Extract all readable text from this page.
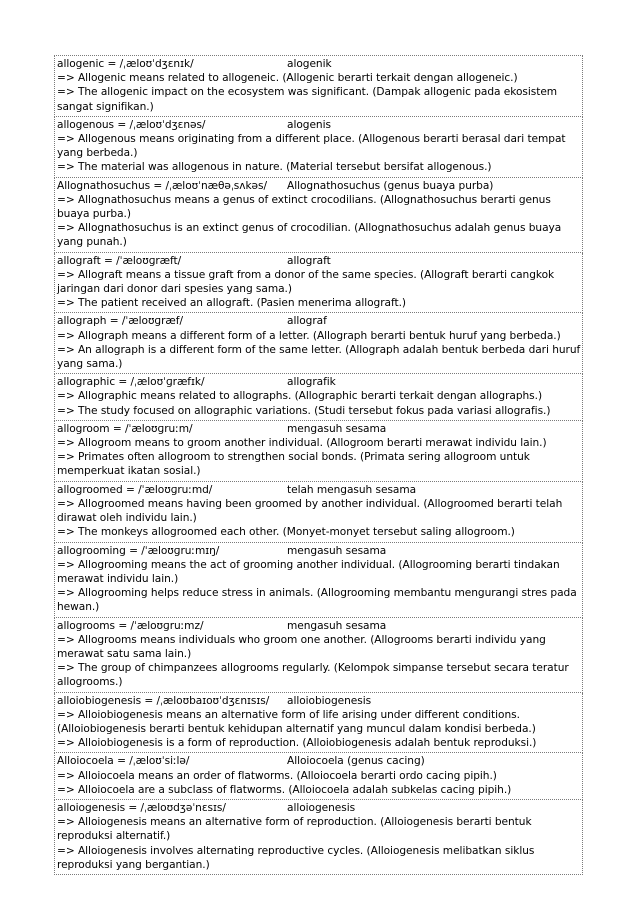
allogenic = /ˌæloʊˈdʒɛnɪk/	alogenik
=> Allogenic means related to allogeneic. (Allogenic berarti terkait dengan allogeneic.)
=> The allogenic impact on the ecosystem was significant. (Dampak allogenic pada ekosistem sangat signifikan.)
allogenous = /ˌæloʊˈdʒɛnəs/	alogenis
=> Allogenous means originating from a different place. (Allogenous berarti berasal dari tempat yang berbeda.)
=> The material was allogenous in nature. (Material tersebut bersifat allogenous.)
Allognathosuchus = /ˌæloʊˈnæθəˌsʌkəs/	Allognathosuchus (genus buaya purba)
=> Allognathosuchus means a genus of extinct crocodilians. (Allognathosuchus berarti genus buaya purba.)
=> Allognathosuchus is an extinct genus of crocodilian. (Allognathosuchus adalah genus buaya yang punah.)
allograft = /ˈæloʊɡræft/	allograft
=> Allograft means a tissue graft from a donor of the same species. (Allograft berarti cangkok jaringan dari donor dari spesies yang sama.)
=> The patient received an allograft. (Pasien menerima allograft.)
allograph = /ˈæloʊɡræf/	allograf
=> Allograph means a different form of a letter. (Allograph berarti bentuk huruf yang berbeda.)
=> An allograph is a different form of the same letter. (Allograph adalah bentuk berbeda dari huruf yang sama.)
allographic = /ˌæloʊˈɡræfɪk/	allografik
=> Allographic means related to allographs. (Allographic berarti terkait dengan allographs.)
=> The study focused on allographic variations. (Studi tersebut fokus pada variasi allografis.)
allogroom = /ˈæloʊɡruːm/	mengasuh sesama
=> Allogroom means to groom another individual. (Allogroom berarti merawat individu lain.)
=> Primates often allogroom to strengthen social bonds. (Primata sering allogroom untuk memperkuat ikatan sosial.)
allogroomed = /ˈæloʊɡruːmd/	telah mengasuh sesama
=> Allogroomed means having been groomed by another individual. (Allogroomed berarti telah dirawat oleh individu lain.)
=> The monkeys allogroomed each other. (Monyet-monyet tersebut saling allogroom.)
allogrooming = /ˈæloʊɡruːmɪŋ/	mengasuh sesama
=> Allogrooming means the act of grooming another individual. (Allogrooming berarti tindakan merawat individu lain.)
=> Allogrooming helps reduce stress in animals. (Allogrooming membantu mengurangi stres pada hewan.)
allogrooms = /ˈæloʊɡruːmz/	mengasuh sesama
=> Allogrooms means individuals who groom one another. (Allogrooms berarti individu yang merawat satu sama lain.)
=> The group of chimpanzees allogrooms regularly. (Kelompok simpanse tersebut secara teratur allogrooms.)
alloiobiogenesis = /ˌæloʊbaɪoʊˈdʒɛnɪsɪs/	alloiobiogenesis
=> Alloiobiogenesis means an alternative form of life arising under different conditions. (Alloiobiogenesis berarti bentuk kehidupan alternatif yang muncul dalam kondisi berbeda.)
=> Alloiobiogenesis is a form of reproduction. (Alloiobiogenesis adalah bentuk reproduksi.)
Alloiocoela = /ˌæloʊˈsiːlə/	Alloiocoela (genus cacing)
=> Alloiocoela means an order of flatworms. (Alloiocoela berarti ordo cacing pipih.)
=> Alloiocoela are a subclass of flatworms. (Alloiocoela adalah subkelas cacing pipih.)
alloiogenesis = /ˌæloʊdʒəˈnɛsɪs/	alloiogenesis
=> Alloiogenesis means an alternative form of reproduction. (Alloiogenesis berarti bentuk reproduksi alternatif.)
=> Alloiogenesis involves alternating reproductive cycles. (Alloiogenesis melibatkan siklus reproduksi yang bergantian.)
